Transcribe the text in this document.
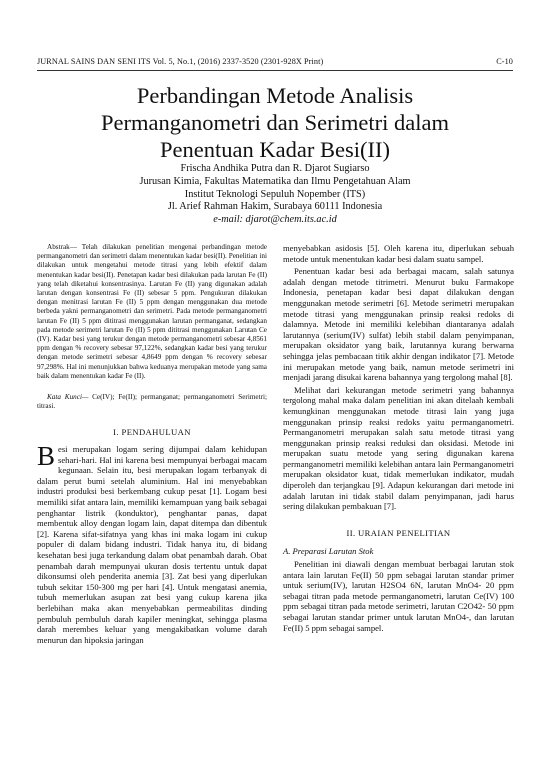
JURNAL SAINS DAN SENI ITS Vol. 5, No.1, (2016) 2337-3520 (2301-928X Print)	C-10
Perbandingan Metode Analisis
Permanganometri dan Serimetri dalam
Penentuan Kadar Besi(II)
Frischa Andhika Putra dan R. Djarot Sugiarso
Jurusan Kimia, Fakultas Matematika dan Ilmu Pengetahuan Alam
Institut Teknologi Sepuluh Nopember (ITS)
Jl. Arief Rahman Hakim, Surabaya 60111 Indonesia
e-mail: djarot@chem.its.ac.id

Abstrak— Telah dilakukan penelitian mengenai perbandingan metode permanganometri dan serimetri dalam menentukan kadar besi(II). Penelitian ini dilakukan untuk mengetahui metode titrasi yang lebih efektif dalam menentukan kadar besi(II). Penetapan kadar besi dilakukan pada larutan Fe (II) yang telah diketahui konsentrasinya. Larutan Fe (II) yang digunakan adalah larutan dengan konsentrasi Fe (II) sebesar 5 ppm. Pengukuran dilakukan dengan menitrasi larutan Fe (II) 5 ppm dengan menggunakan dua metode berbeda yakni permanganometri dan serimetri. Pada metode permanganometri larutan Fe (II) 5 ppm dititrasi menggunakan larutan permanganat, sedangkan pada metode serimetri larutan Fe (II) 5 ppm dititrasi menggunakan Larutan Ce (IV). Kadar besi yang terukur dengan metode permanganometri sebesar 4,8561 ppm dengan % recovery sebesar 97,122%, sedangkan kadar besi yang terukur dengan metode serimetri sebesar 4,8649 ppm dengan % recovery sebesar 97,298%. Hal ini menunjukkan bahwa keduanya merupakan metode yang sama baik dalam menentukan kadar Fe (II).

Kata Kunci— Ce(IV); Fe(II); permanganat; permanganometri Serimetri; titrasi.

I. PENDAHULUAN

Besi merupakan logam sering dijumpai dalam kehidupan sehari-hari. Hal ini karena besi mempunyai berbagai macam kegunaan. Selain itu, besi merupakan logam terbanyak di dalam perut bumi setelah aluminium. Hal ini menyebabkan industri produksi besi berkembang cukup pesat [1]. Logam besi memiliki sifat antara lain, memiliki kemampuan yang baik sebagai penghantar listrik (konduktor), penghantar panas, dapat membentuk alloy dengan logam lain, dapat ditempa dan dibentuk [2]. Karena sifat-sifatnya yang khas ini maka logam ini cukup populer di dalam bidang industri. Tidak hanya itu, di bidang kesehatan besi juga terkandung dalam obat penambah darah. Obat penambah darah mempunyai ukuran dosis tertentu untuk dapat dikonsumsi oleh penderita anemia [3]. Zat besi yang diperlukan tubuh sekitar 150-300 mg per hari [4]. Untuk mengatasi anemia, tubuh memerlukan asupan zat besi yang cukup karena jika berlebihan maka akan menyebabkan permeabilitas dinding pembuluh pembuluh darah kapiler meningkat, sehingga plasma darah merembes keluar yang mengakibatkan volume darah menurun dan hipoksia jaringan

menyebabkan asidosis [5]. Oleh karena itu, diperlukan sebuah metode untuk menentukan kadar besi dalam suatu sampel.

Penentuan kadar besi ada berbagai macam, salah satunya adalah dengan metode titrimetri. Menurut buku Farmakope Indonesia, penetapan kadar besi dapat dilakukan dengan menggunakan metode serimetri [6]. Metode serimetri merupakan metode titrasi yang menggunakan prinsip reaksi redoks di dalamnya. Metode ini memiliki kelebihan diantaranya adalah larutannya (serium(IV) sulfat) lebih stabil dalam penyimpanan, merupakan oksidator yang baik, larutannya kurang berwarna sehingga jelas pembacaan titik akhir dengan indikator [7]. Metode ini merupakan metode yang baik, namun metode serimetri ini menjadi jarang disukai karena bahannya yang tergolong mahal [8].

Melihat dari kekurangan metode serimetri yang bahannya tergolong mahal maka dalam penelitian ini akan ditelaah kembali kemungkinan menggunakan metode titrasi lain yang juga menggunakan prinsip reaksi redoks yaitu permanganometri. Permanganometri merupakan salah satu metode titrasi yang menggunakan prinsip reaksi reduksi dan oksidasi. Metode ini merupakan suatu metode yang sering digunakan karena permanganometri memiliki kelebihan antara lain Permanganometri merupakan oksidator kuat, tidak memerlukan indikator, mudah diperoleh dan terjangkau [9]. Adapun kekurangan dari metode ini adalah larutan ini tidak stabil dalam penyimpanan, jadi harus sering dilakukan pembakuan [7].

II. URAIAN PENELITIAN

A. Preparasi Larutan Stok

Penelitian ini diawali dengan membuat berbagai larutan stok antara lain larutan Fe(II) 50 ppm sebagai larutan standar primer untuk serium(IV), larutan H2SO4 6N, larutan MnO4- 20 ppm sebagai titran pada metode permanganometri, larutan Ce(IV) 100 ppm sebagai titran pada metode serimetri, larutan C2O42- 50 ppm sebagai larutan standar primer untuk larutan MnO4-, dan larutan Fe(II) 5 ppm sebagai sampel.
